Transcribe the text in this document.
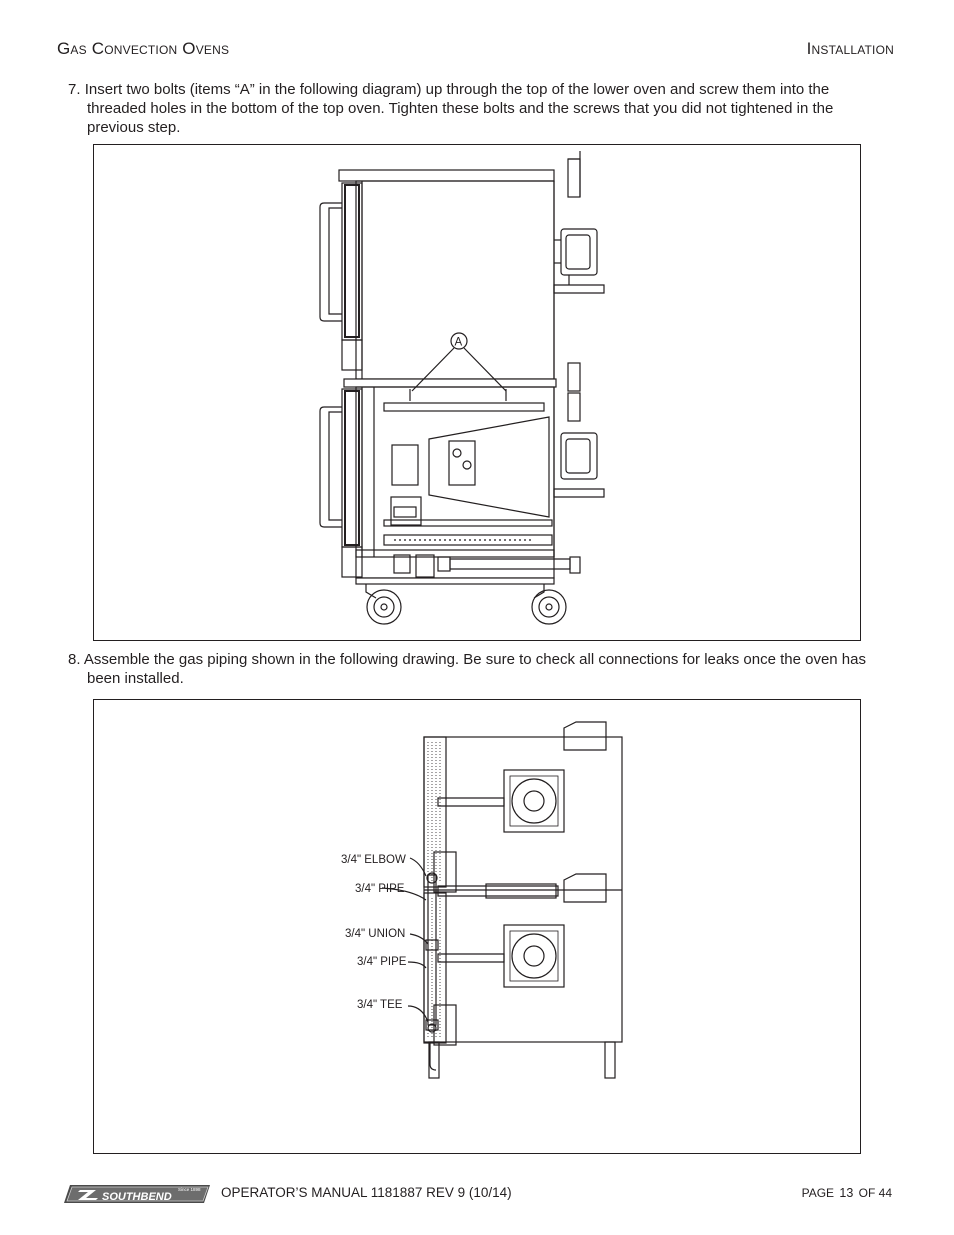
Gas Convection Ovens	Installation

7. Insert two bolts (items “A” in the following diagram) up through the top of the lower oven and screw them into the threaded holes in the bottom of the top oven. Tighten these bolts and the screws that you did not tightened in the previous step.

A

8. Assemble the gas piping shown in the following drawing. Be sure to check all connections for leaks once the oven has been installed.

3/4" ELBOW
3/4" PIPE
3/4" UNION
3/4" PIPE
3/4" TEE
SOUTHBEND
Since 1898 OPERATOR’S MANUAL 1181887 REV 9 (10/14)	PAGE 13 OF 44
